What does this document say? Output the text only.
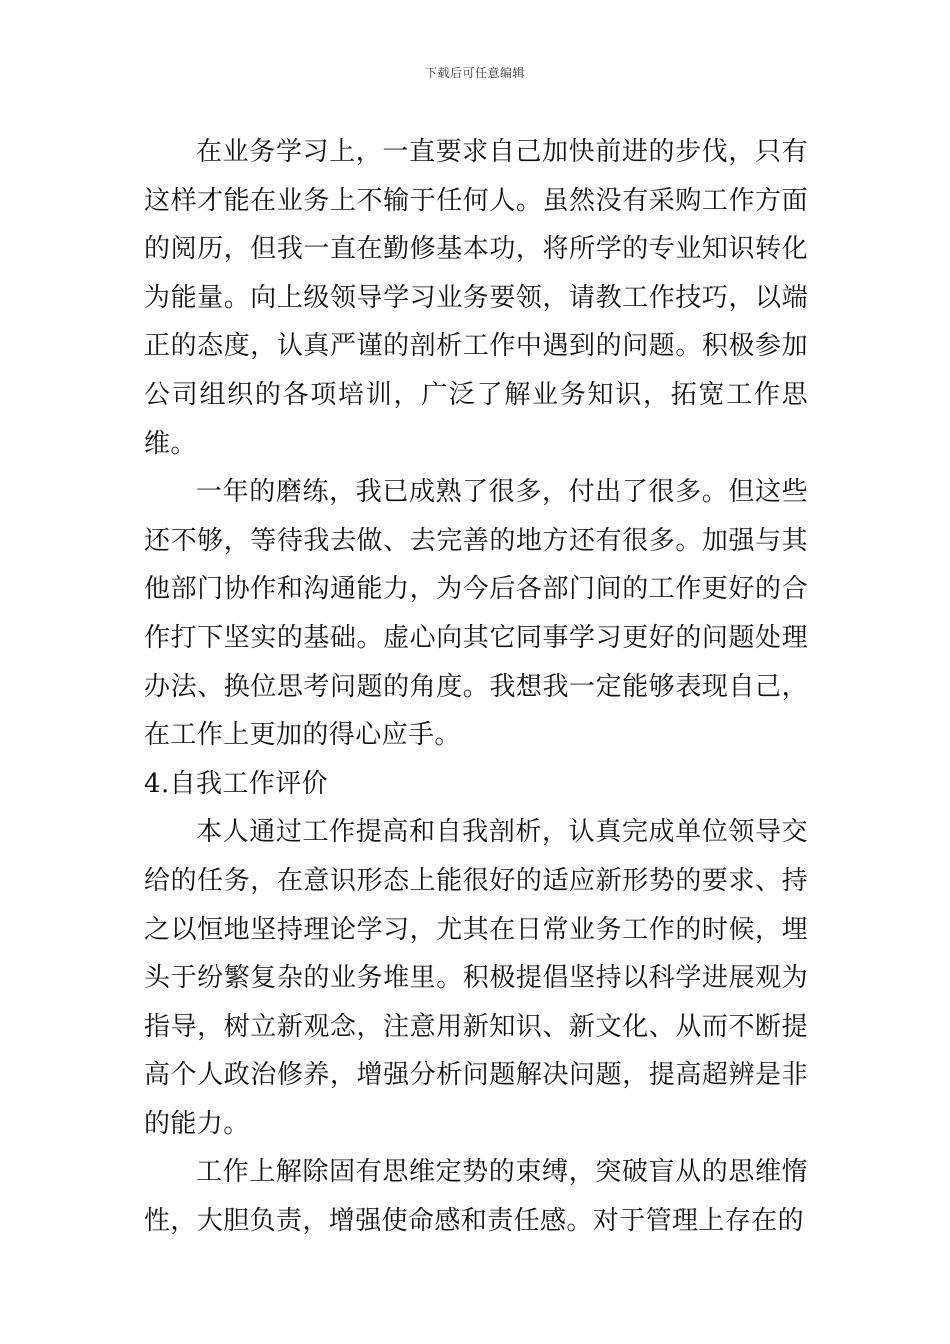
下载后可任意编辑

在业务学习上，一直要求自己加快前进的步伐，只有这样才能在业务上不输于任何人。虽然没有采购工作方面的阅历，但我一直在勤修基本功，将所学的专业知识转化为能量。向上级领导学习业务要领，请教工作技巧，以端正的态度，认真严谨的剖析工作中遇到的问题。积极参加公司组织的各项培训，广泛了解业务知识，拓宽工作思维。

一年的磨练，我已成熟了很多，付出了很多。但这些还不够，等待我去做、去完善的地方还有很多。加强与其他部门协作和沟通能力，为今后各部门间的工作更好的合作打下坚实的基础。虚心向其它同事学习更好的问题处理办法、换位思考问题的角度。我想我一定能够表现自己，在工作上更加的得心应手。

4.自我工作评价

本人通过工作提高和自我剖析，认真完成单位领导交给的任务，在意识形态上能很好的适应新形势的要求、持之以恒地坚持理论学习，尤其在日常业务工作的时候，埋头于纷繁复杂的业务堆里。积极提倡坚持以科学进展观为指导，树立新观念，注意用新知识、新文化、从而不断提高个人政治修养，增强分析问题解决问题，提高超辨是非的能力。

工作上解除固有思维定势的束缚，突破盲从的思维惰性，大胆负责，增强使命感和责任感。对于管理上存在的
